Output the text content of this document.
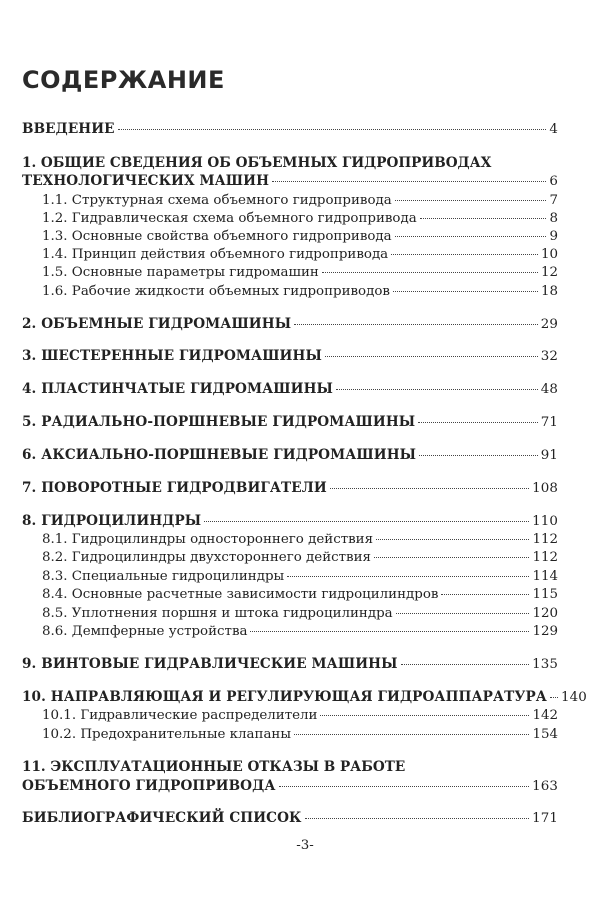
СОДЕРЖАНИЕ
ВВЕДЕНИЕ	4
1. ОБЩИЕ СВЕДЕНИЯ ОБ ОБЪЕМНЫХ ГИДРОПРИВОДАХ
ТЕХНОЛОГИЧЕСКИХ МАШИН	6
1.1. Структурная схема объемного гидропривода	7
1.2. Гидравлическая схема объемного гидропривода	8
1.3. Основные свойства объемного гидропривода	9
1.4. Принцип действия объемного гидропривода	10
1.5. Основные параметры гидромашин	12
1.6. Рабочие жидкости объемных гидроприводов	18
2. ОБЪЕМНЫЕ ГИДРОМАШИНЫ	29
3. ШЕСТЕРЕННЫЕ ГИДРОМАШИНЫ	32
4. ПЛАСТИНЧАТЫЕ ГИДРОМАШИНЫ	48
5. РАДИАЛЬНО-ПОРШНЕВЫЕ ГИДРОМАШИНЫ	71
6. АКСИАЛЬНО-ПОРШНЕВЫЕ ГИДРОМАШИНЫ	91
7. ПОВОРОТНЫЕ ГИДРОДВИГАТЕЛИ	108
8. ГИДРОЦИЛИНДРЫ	110
8.1. Гидроцилиндры одностороннего действия	112
8.2. Гидроцилиндры двухстороннего действия	112
8.3. Специальные гидроцилиндры	114
8.4. Основные расчетные зависимости гидроцилиндров	115
8.5. Уплотнения поршня и штока гидроцилиндра	120
8.6. Демпферные устройства	129
9. ВИНТОВЫЕ ГИДРАВЛИЧЕСКИЕ МАШИНЫ	135
10. НАПРАВЛЯЮЩАЯ И РЕГУЛИРУЮЩАЯ ГИДРОАППАРАТУРА 140
10.1. Гидравлические распределители	142
10.2. Предохранительные клапаны	154
11. ЭКСПЛУАТАЦИОННЫЕ ОТКАЗЫ В РАБОТЕ
ОБЪЕМНОГО ГИДРОПРИВОДА	163
БИБЛИОГРАФИЧЕСКИЙ СПИСОК	171
-3-
